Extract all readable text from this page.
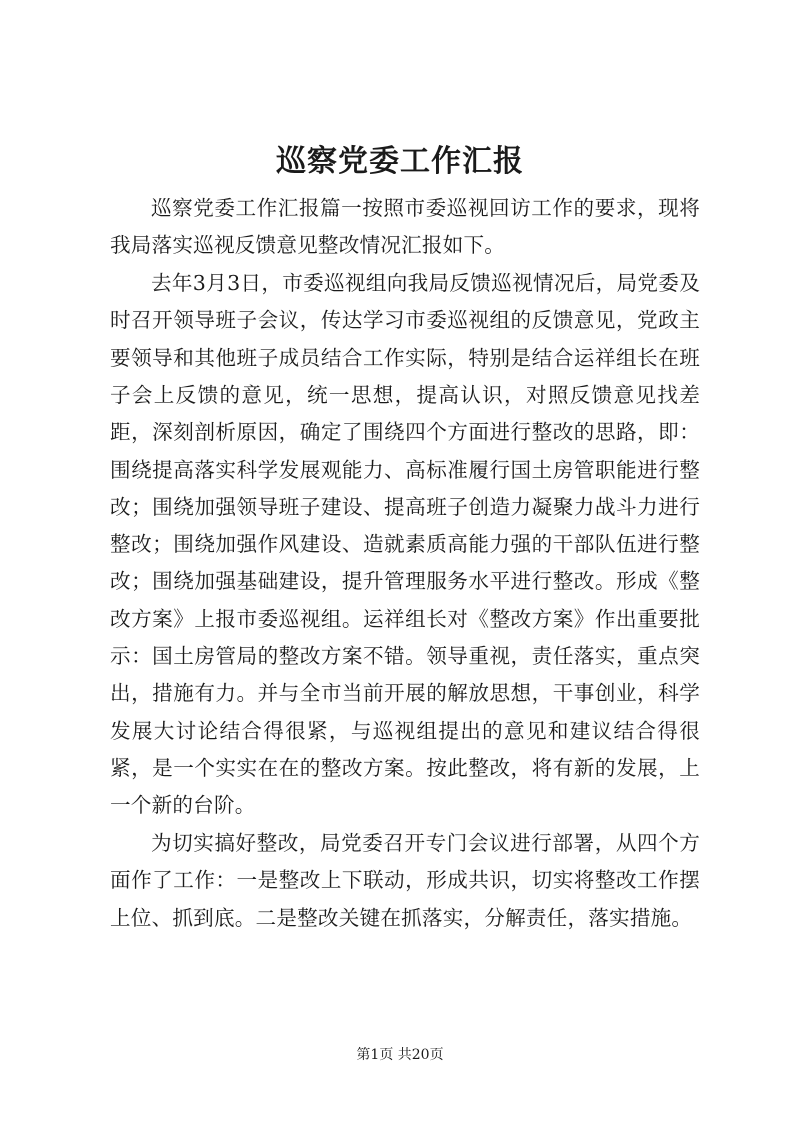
巡察党委工作汇报

巡察党委工作汇报篇一按照市委巡视回访工作的要求，现将我局落实巡视反馈意见整改情况汇报如下。

去年3月3日，市委巡视组向我局反馈巡视情况后，局党委及时召开领导班子会议，传达学习市委巡视组的反馈意见，党政主要领导和其他班子成员结合工作实际，特别是结合运祥组长在班子会上反馈的意见，统一思想，提高认识，对照反馈意见找差距，深刻剖析原因，确定了围绕四个方面进行整改的思路，即：围绕提高落实科学发展观能力、高标准履行国土房管职能进行整改；围绕加强领导班子建设、提高班子创造力凝聚力战斗力进行整改；围绕加强作风建设、造就素质高能力强的干部队伍进行整改；围绕加强基础建设，提升管理服务水平进行整改。形成《整改方案》上报市委巡视组。运祥组长对《整改方案》作出重要批示：国土房管局的整改方案不错。领导重视，责任落实，重点突出，措施有力。并与全市当前开展的解放思想，干事创业，科学发展大讨论结合得很紧，与巡视组提出的意见和建议结合得很紧，是一个实实在在的整改方案。按此整改，将有新的发展，上一个新的台阶。

为切实搞好整改，局党委召开专门会议进行部署，从四个方面作了工作：一是整改上下联动，形成共识，切实将整改工作摆上位、抓到底。二是整改关键在抓落实，分解责任，落实措施。

第1页 共20页
